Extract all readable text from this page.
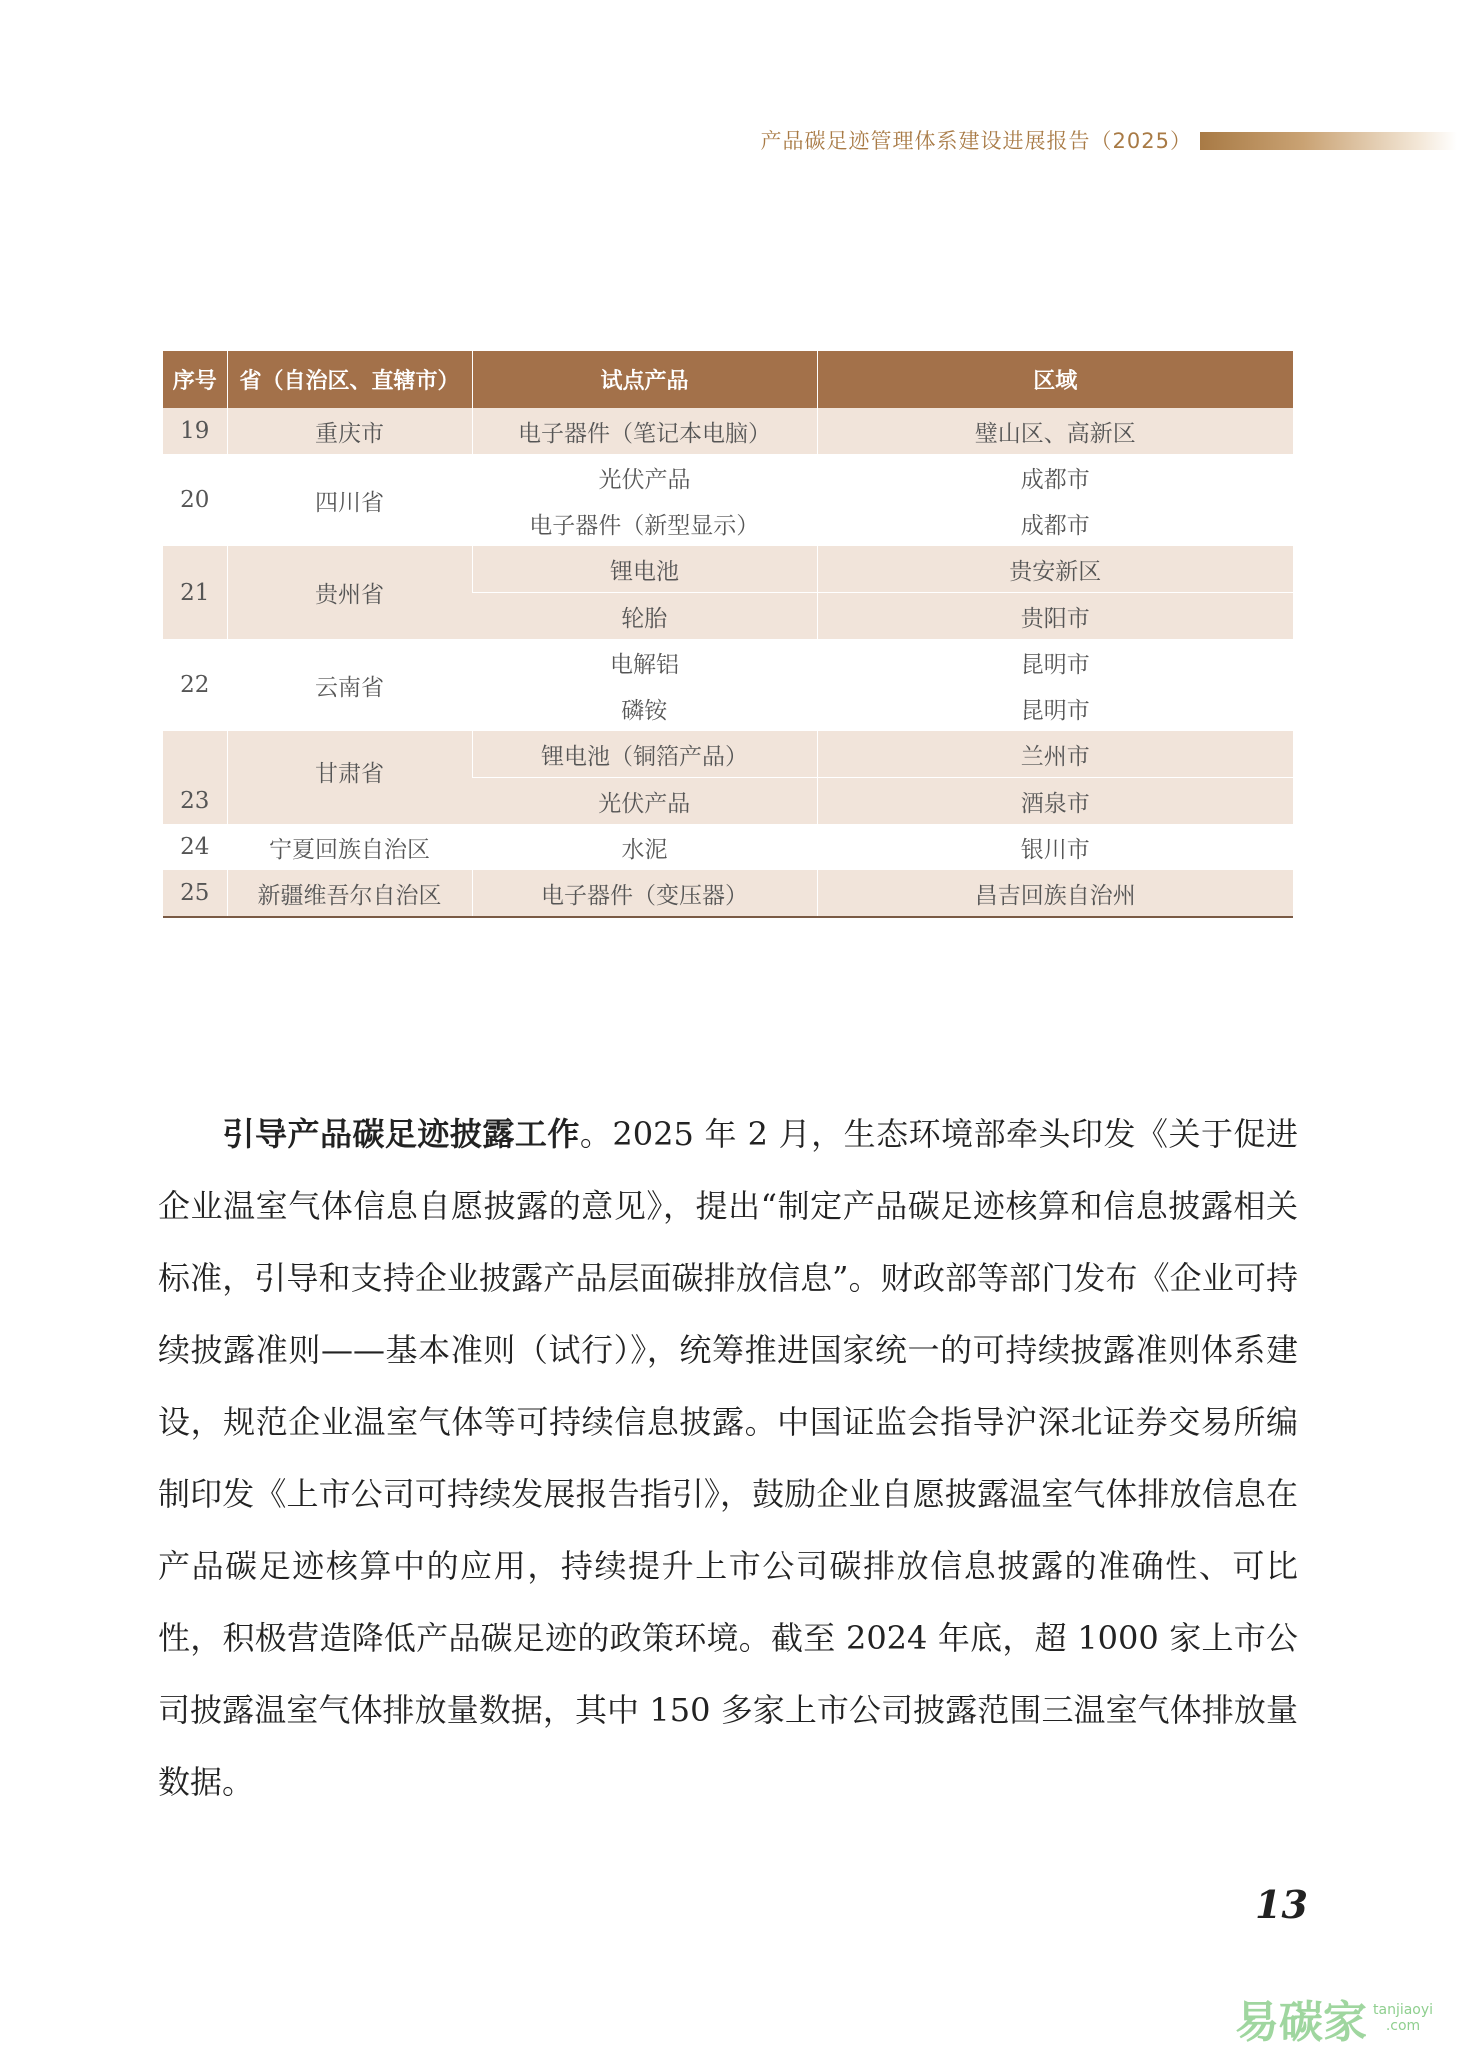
产品碳足迹管理体系建设进展报告（2025）
序号	省（自治区、直辖市）	试点产品	区域
19	重庆市	电子器件（笔记本电脑）	璧山区、高新区
20	四川省	光伏产品	成都市
		电子器件（新型显示）	成都市
21	贵州省	锂电池	贵安新区
		轮胎	贵阳市
22	云南省	电解铝	昆明市
		磷铵	昆明市
23	甘肃省	锂电池（铜箔产品）	兰州市
		光伏产品	酒泉市
24	宁夏回族自治区	水泥	银川市
25	新疆维吾尔自治区	电子器件（变压器）	昌吉回族自治州

引导产品碳足迹披露工作。2025 年 2 月，生态环境部牵头印发《关于促进企业温室气体信息自愿披露的意见》，提出“制定产品碳足迹核算和信息披露相关标准，引导和支持企业披露产品层面碳排放信息”。财政部等部门发布《企业可持续披露准则——基本准则（试行）》，统筹推进国家统一的可持续披露准则体系建设，规范企业温室气体等可持续信息披露。中国证监会指导沪深北证券交易所编制印发《上市公司可持续发展报告指引》，鼓励企业自愿披露温室气体排放信息在产品碳足迹核算中的应用，持续提升上市公司碳排放信息披露的准确性、可比性，积极营造降低产品碳足迹的政策环境。截至 2024 年底，超 1000 家上市公司披露温室气体排放量数据，其中 150 多家上市公司披露范围三温室气体排放量数据。

13
易碳家 tanjiaoyi
.com
